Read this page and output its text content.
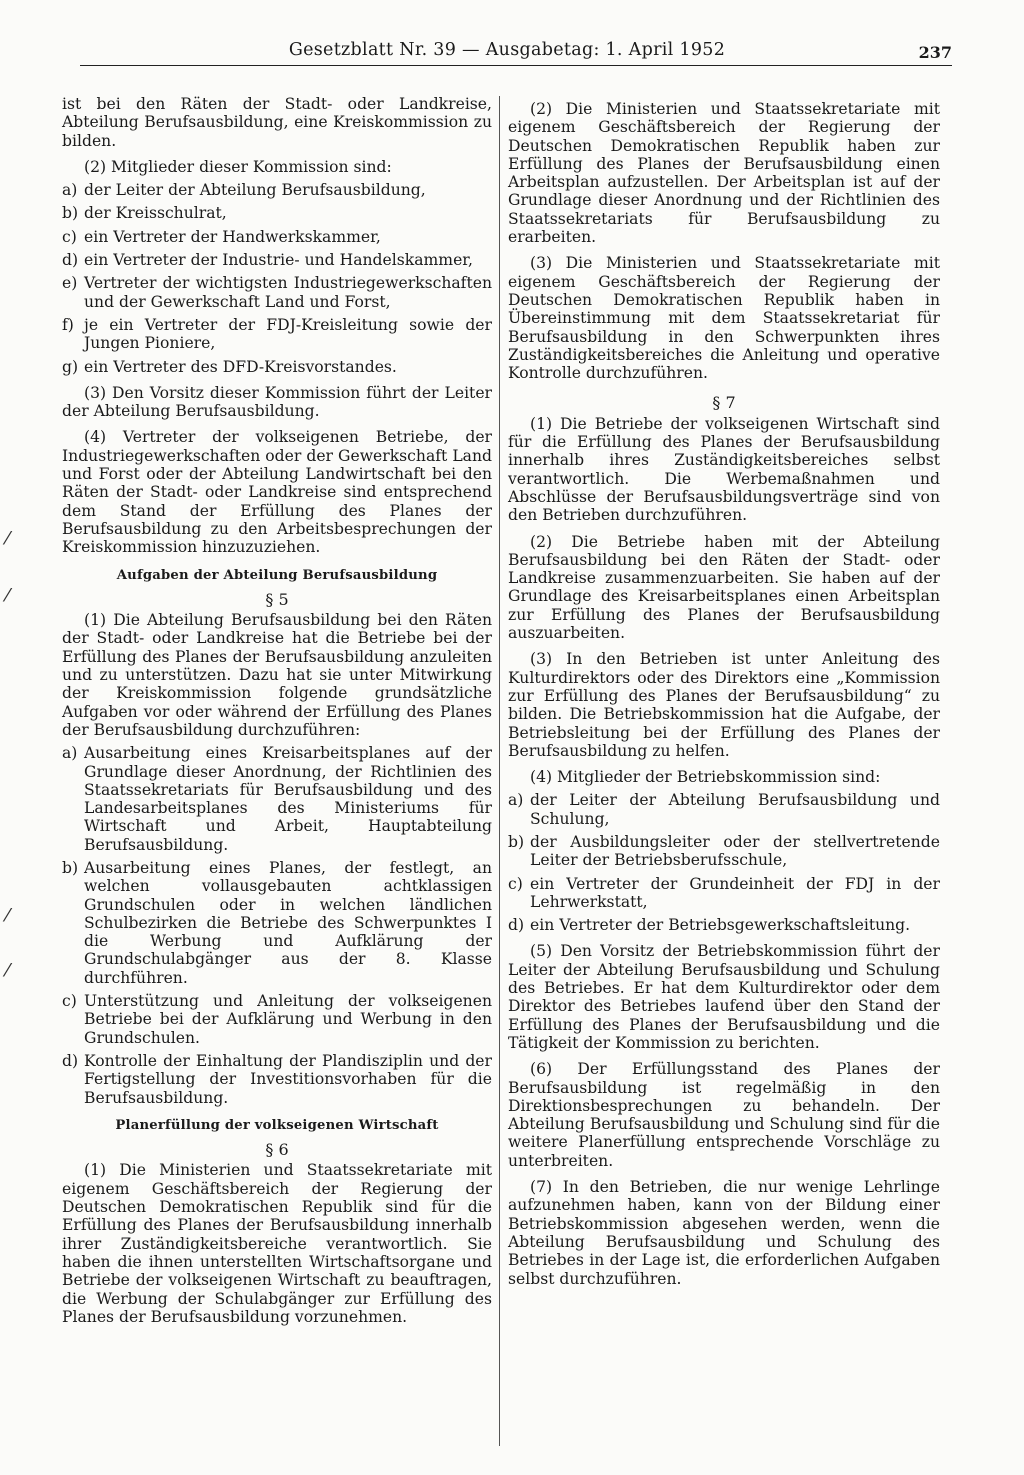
Gesetzblatt Nr. 39 — Ausgabetag: 1. April 1952	237
⁄
⁄
⁄
⁄

ist bei den Räten der Stadt- oder Landkreise, Abteilung Berufsausbildung, eine Kreiskommission zu bilden.

(2) Mitglieder dieser Kommission sind:

a) der Leiter der Abteilung Berufsausbildung,
b) der Kreisschulrat,
c) ein Vertreter der Handwerkskammer,
d) ein Vertreter der Industrie- und Handelskammer,
e) Vertreter der wichtigsten Industriegewerkschaften und der Gewerkschaft Land und Forst,
f) je ein Vertreter der FDJ-Kreisleitung sowie der Jungen Pioniere,
g) ein Vertreter des DFD-Kreisvorstandes.

(3) Den Vorsitz dieser Kommission führt der Leiter der Abteilung Berufsausbildung.

(4) Vertreter der volkseigenen Betriebe, der Industriegewerkschaften oder der Gewerkschaft Land und Forst oder der Abteilung Landwirtschaft bei den Räten der Stadt- oder Landkreise sind entsprechend dem Stand der Erfüllung des Planes der Berufsausbildung zu den Arbeitsbesprechungen der Kreiskommission hinzuzuziehen.

Aufgaben der Abteilung Berufsausbildung
§ 5

(1) Die Abteilung Berufsausbildung bei den Räten der Stadt- oder Landkreise hat die Betriebe bei der Erfüllung des Planes der Berufsausbildung anzuleiten und zu unterstützen. Dazu hat sie unter Mitwirkung der Kreiskommission folgende grundsätzliche Aufgaben vor oder während der Erfüllung des Planes der Berufsausbildung durchzuführen:

a) Ausarbeitung eines Kreisarbeitsplanes auf der Grundlage dieser Anordnung, der Richtlinien des Staatssekretariats für Berufsausbildung und des Landesarbeitsplanes des Ministeriums für Wirtschaft und Arbeit, Hauptabteilung Berufsausbildung.
b) Ausarbeitung eines Planes, der festlegt, an welchen vollausgebauten achtklassigen Grundschulen oder in welchen ländlichen Schulbezirken die Betriebe des Schwerpunktes I die Werbung und Aufklärung der Grundschulabgänger aus der 8. Klasse durchführen.
c) Unterstützung und Anleitung der volkseigenen Betriebe bei der Aufklärung und Werbung in den Grundschulen.
d) Kontrolle der Einhaltung der Plandisziplin und der Fertigstellung der Investitionsvorhaben für die Berufsausbildung.
Planerfüllung der volkseigenen Wirtschaft
§ 6

(1) Die Ministerien und Staatssekretariate mit eigenem Geschäftsbereich der Regierung der Deutschen Demokratischen Republik sind für die Erfüllung des Planes der Berufsausbildung innerhalb ihrer Zuständigkeitsbereiche verantwortlich. Sie haben die ihnen unterstellten Wirtschaftsorgane und Betriebe der volkseigenen Wirtschaft zu beauftragen, die Werbung der Schulabgänger zur Erfüllung des Planes der Berufsausbildung vorzunehmen.

(2) Die Ministerien und Staatssekretariate mit eigenem Geschäftsbereich der Regierung der Deutschen Demokratischen Republik haben zur Erfüllung des Planes der Berufsausbildung einen Arbeitsplan aufzustellen. Der Arbeitsplan ist auf der Grundlage dieser Anordnung und der Richtlinien des Staatssekretariats für Berufsausbildung zu erarbeiten.

(3) Die Ministerien und Staatssekretariate mit eigenem Geschäftsbereich der Regierung der Deutschen Demokratischen Republik haben in Übereinstimmung mit dem Staatssekretariat für Berufsausbildung in den Schwerpunkten ihres Zuständigkeitsbereiches die Anleitung und operative Kontrolle durchzuführen.

§ 7

(1) Die Betriebe der volkseigenen Wirtschaft sind für die Erfüllung des Planes der Berufsausbildung innerhalb ihres Zuständigkeitsbereiches selbst verantwortlich. Die Werbemaßnahmen und Abschlüsse der Berufsausbildungsverträge sind von den Betrieben durchzuführen.

(2) Die Betriebe haben mit der Abteilung Berufsausbildung bei den Räten der Stadt- oder Landkreise zusammenzuarbeiten. Sie haben auf der Grundlage des Kreisarbeitsplanes einen Arbeitsplan zur Erfüllung des Planes der Berufsausbildung auszuarbeiten.

(3) In den Betrieben ist unter Anleitung des Kulturdirektors oder des Direktors eine „Kommission zur Erfüllung des Planes der Berufsausbildung“ zu bilden. Die Betriebskommission hat die Aufgabe, der Betriebsleitung bei der Erfüllung des Planes der Berufsausbildung zu helfen.

(4) Mitglieder der Betriebskommission sind:

a) der Leiter der Abteilung Berufsausbildung und Schulung,
b) der Ausbildungsleiter oder der stellvertretende Leiter der Betriebsberufsschule,
c) ein Vertreter der Grundeinheit der FDJ in der Lehrwerkstatt,
d) ein Vertreter der Betriebsgewerkschaftsleitung.

(5) Den Vorsitz der Betriebskommission führt der Leiter der Abteilung Berufsausbildung und Schulung des Betriebes. Er hat dem Kulturdirektor oder dem Direktor des Betriebes laufend über den Stand der Erfüllung des Planes der Berufsausbildung und die Tätigkeit der Kommission zu berichten.

(6) Der Erfüllungsstand des Planes der Berufsausbildung ist regelmäßig in den Direktionsbesprechungen zu behandeln. Der Abteilung Berufsausbildung und Schulung sind für die weitere Planerfüllung entsprechende Vorschläge zu unterbreiten.

(7) In den Betrieben, die nur wenige Lehrlinge aufzunehmen haben, kann von der Bildung einer Betriebskommission abgesehen werden, wenn die Abteilung Berufsausbildung und Schulung des Betriebes in der Lage ist, die erforderlichen Aufgaben selbst durchzuführen.
